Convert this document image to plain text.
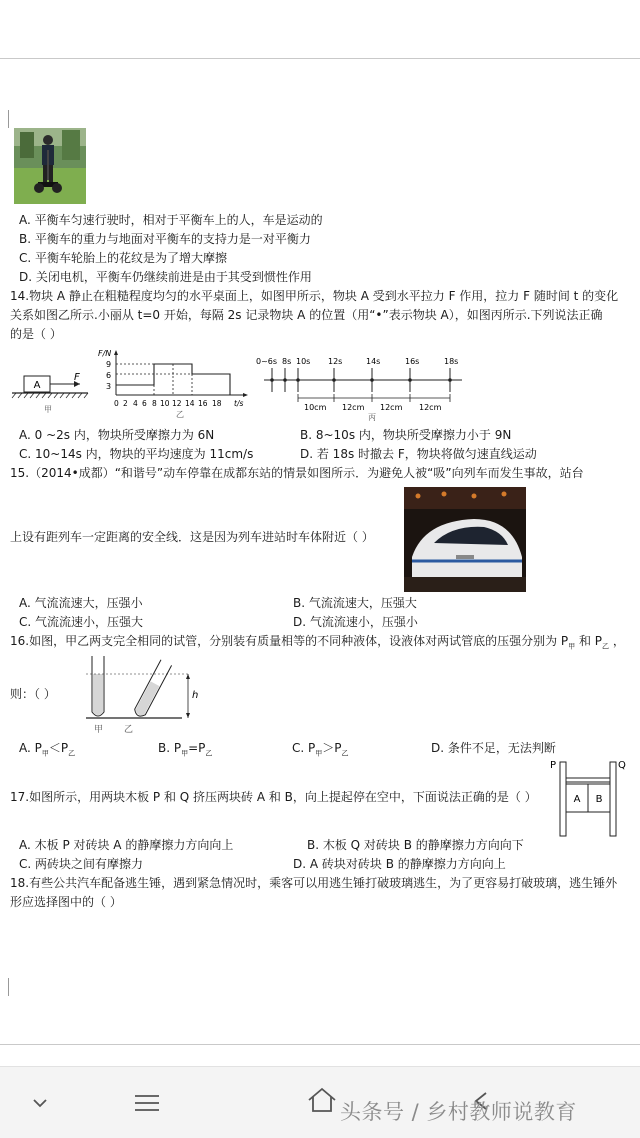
A. 平衡车匀速行驶时，相对于平衡车上的人，车是运动的
B. 平衡车的重力与地面对平衡车的支持力是一对平衡力
C. 平衡车轮胎上的花纹是为了增大摩擦
D. 关闭电机，平衡车仍继续前进是由于其受到惯性作用
14.物块 A 静止在粗糙程度均匀的水平桌面上，如图甲所示，物块 A 受到水平拉力 F 作用，拉力 F 随时间 t 的变化
关系如图乙所示.小丽从 t=0 开始，每隔 2s 记录物块 A 的位置（用“•”表示物块 A），如图丙所示.下列说法正确
的是（ ）
A
F
甲
F/N
9
6
3
0 2 4 6 8 10 12 14 16 18 t/s
乙
0~6s 8s 10s 12s	14s	16s	18s
10cm 12cm 12cm 12cm
丙
A. 0 ~2s 内，物块所受摩擦力为 6N	B. 8~10s 内，物块所受摩擦力小于 9N
C. 10~14s 内，物块的平均速度为 11cm/s	D. 若 18s 时撤去 F，物块将做匀速直线运动
15.（2014•成都）“和谐号”动车停靠在成都东站的情景如图所示．为避免人被“吸”向列车而发生事故，站台
上设有距列车一定距离的安全线．这是因为列车进站时车体附近（ ）
A. 气流流速大，压强小	B. 气流流速大，压强大
C. 气流流速小，压强大	D. 气流流速小，压强小
16.如图，甲乙两支完全相同的试管，分别装有质量相等的不同种液体，设液体对两试管底的压强分别为 $P_甲$ 和 $P_乙$ ，
则：（ ）	h
甲 乙
A. $P_甲<P_乙$	B. $P_甲=P_乙$	C. $P_甲>P_乙$	D. 条件不足，无法判断
P	Q
A B
17.如图所示，用两块木板 P 和 Q 挤压两块砖 A 和 B，向上提起停在空中，下面说法正确的是（ ）
A. 木板 P 对砖块 A 的静摩擦力方向向上	B. 木板 Q 对砖块 B 的静摩擦力方向向下
C. 两砖块之间有摩擦力	D. A 砖块对砖块 B 的静摩擦力方向向上
18.有些公共汽车配备逃生锤，遇到紧急情况时，乘客可以用逃生锤打破玻璃逃生，为了更容易打破玻璃，逃生锤外
形应选择图中的（ ）
头条号 / 乡村教师说教育
